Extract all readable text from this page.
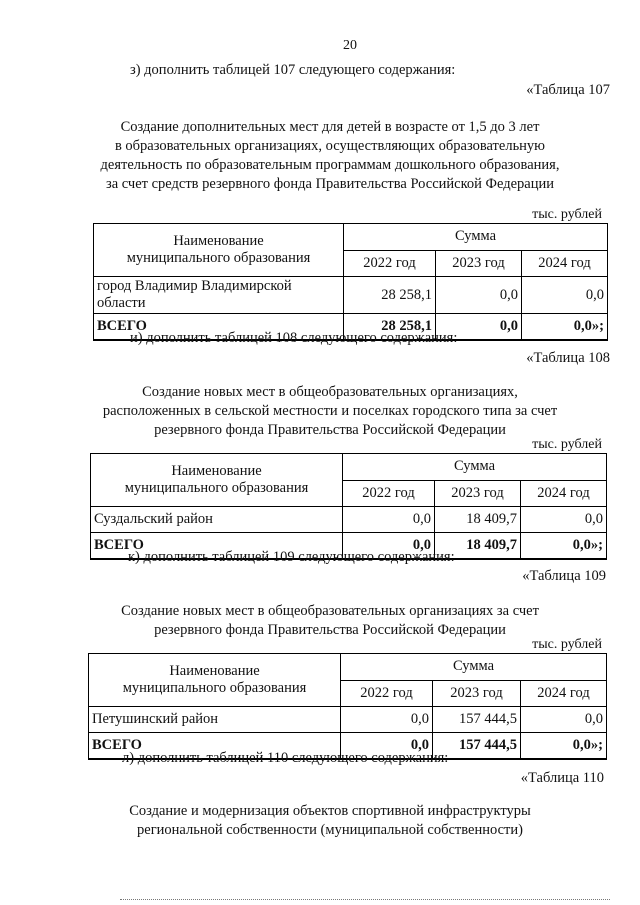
20
з) дополнить таблицей 107 следующего содержания:
«Таблица 107
Создание дополнительных мест для детей в возрасте от 1,5 до 3 лет
в образовательных организациях, осуществляющих образовательную
деятельность по образовательным программам дошкольного образования,
за счет средств резервного фонда Правительства Российской Федерации
тыс. рублей
Наименование
муниципального образования	Сумма		
	2022 год	2023 год	2024 год
город Владимир Владимирской области	28 258,1	0,0	0,0
ВСЕГО	28 258,1	0,0	0,0»;
и) дополнить таблицей 108 следующего содержания:
«Таблица 108
Создание новых мест в общеобразовательных организациях,
расположенных в сельской местности и поселках городского типа за счет
резервного фонда Правительства Российской Федерации
тыс. рублей
Наименование
муниципального образования	Сумма		
	2022 год	2023 год	2024 год
Суздальский район	0,0	18 409,7	0,0
ВСЕГО	0,0	18 409,7	0,0»;
к) дополнить таблицей 109 следующего содержания:
«Таблица 109
Создание новых мест в общеобразовательных организациях за счет
резервного фонда Правительства Российской Федерации
тыс. рублей
Наименование
муниципального образования	Сумма		
	2022 год	2023 год	2024 год
Петушинский район	0,0	157 444,5	0,0
ВСЕГО	0,0	157 444,5	0,0»;
л) дополнить таблицей 110 следующего содержания:
«Таблица 110
Создание и модернизация объектов спортивной инфраструктуры
региональной собственности (муниципальной собственности)
